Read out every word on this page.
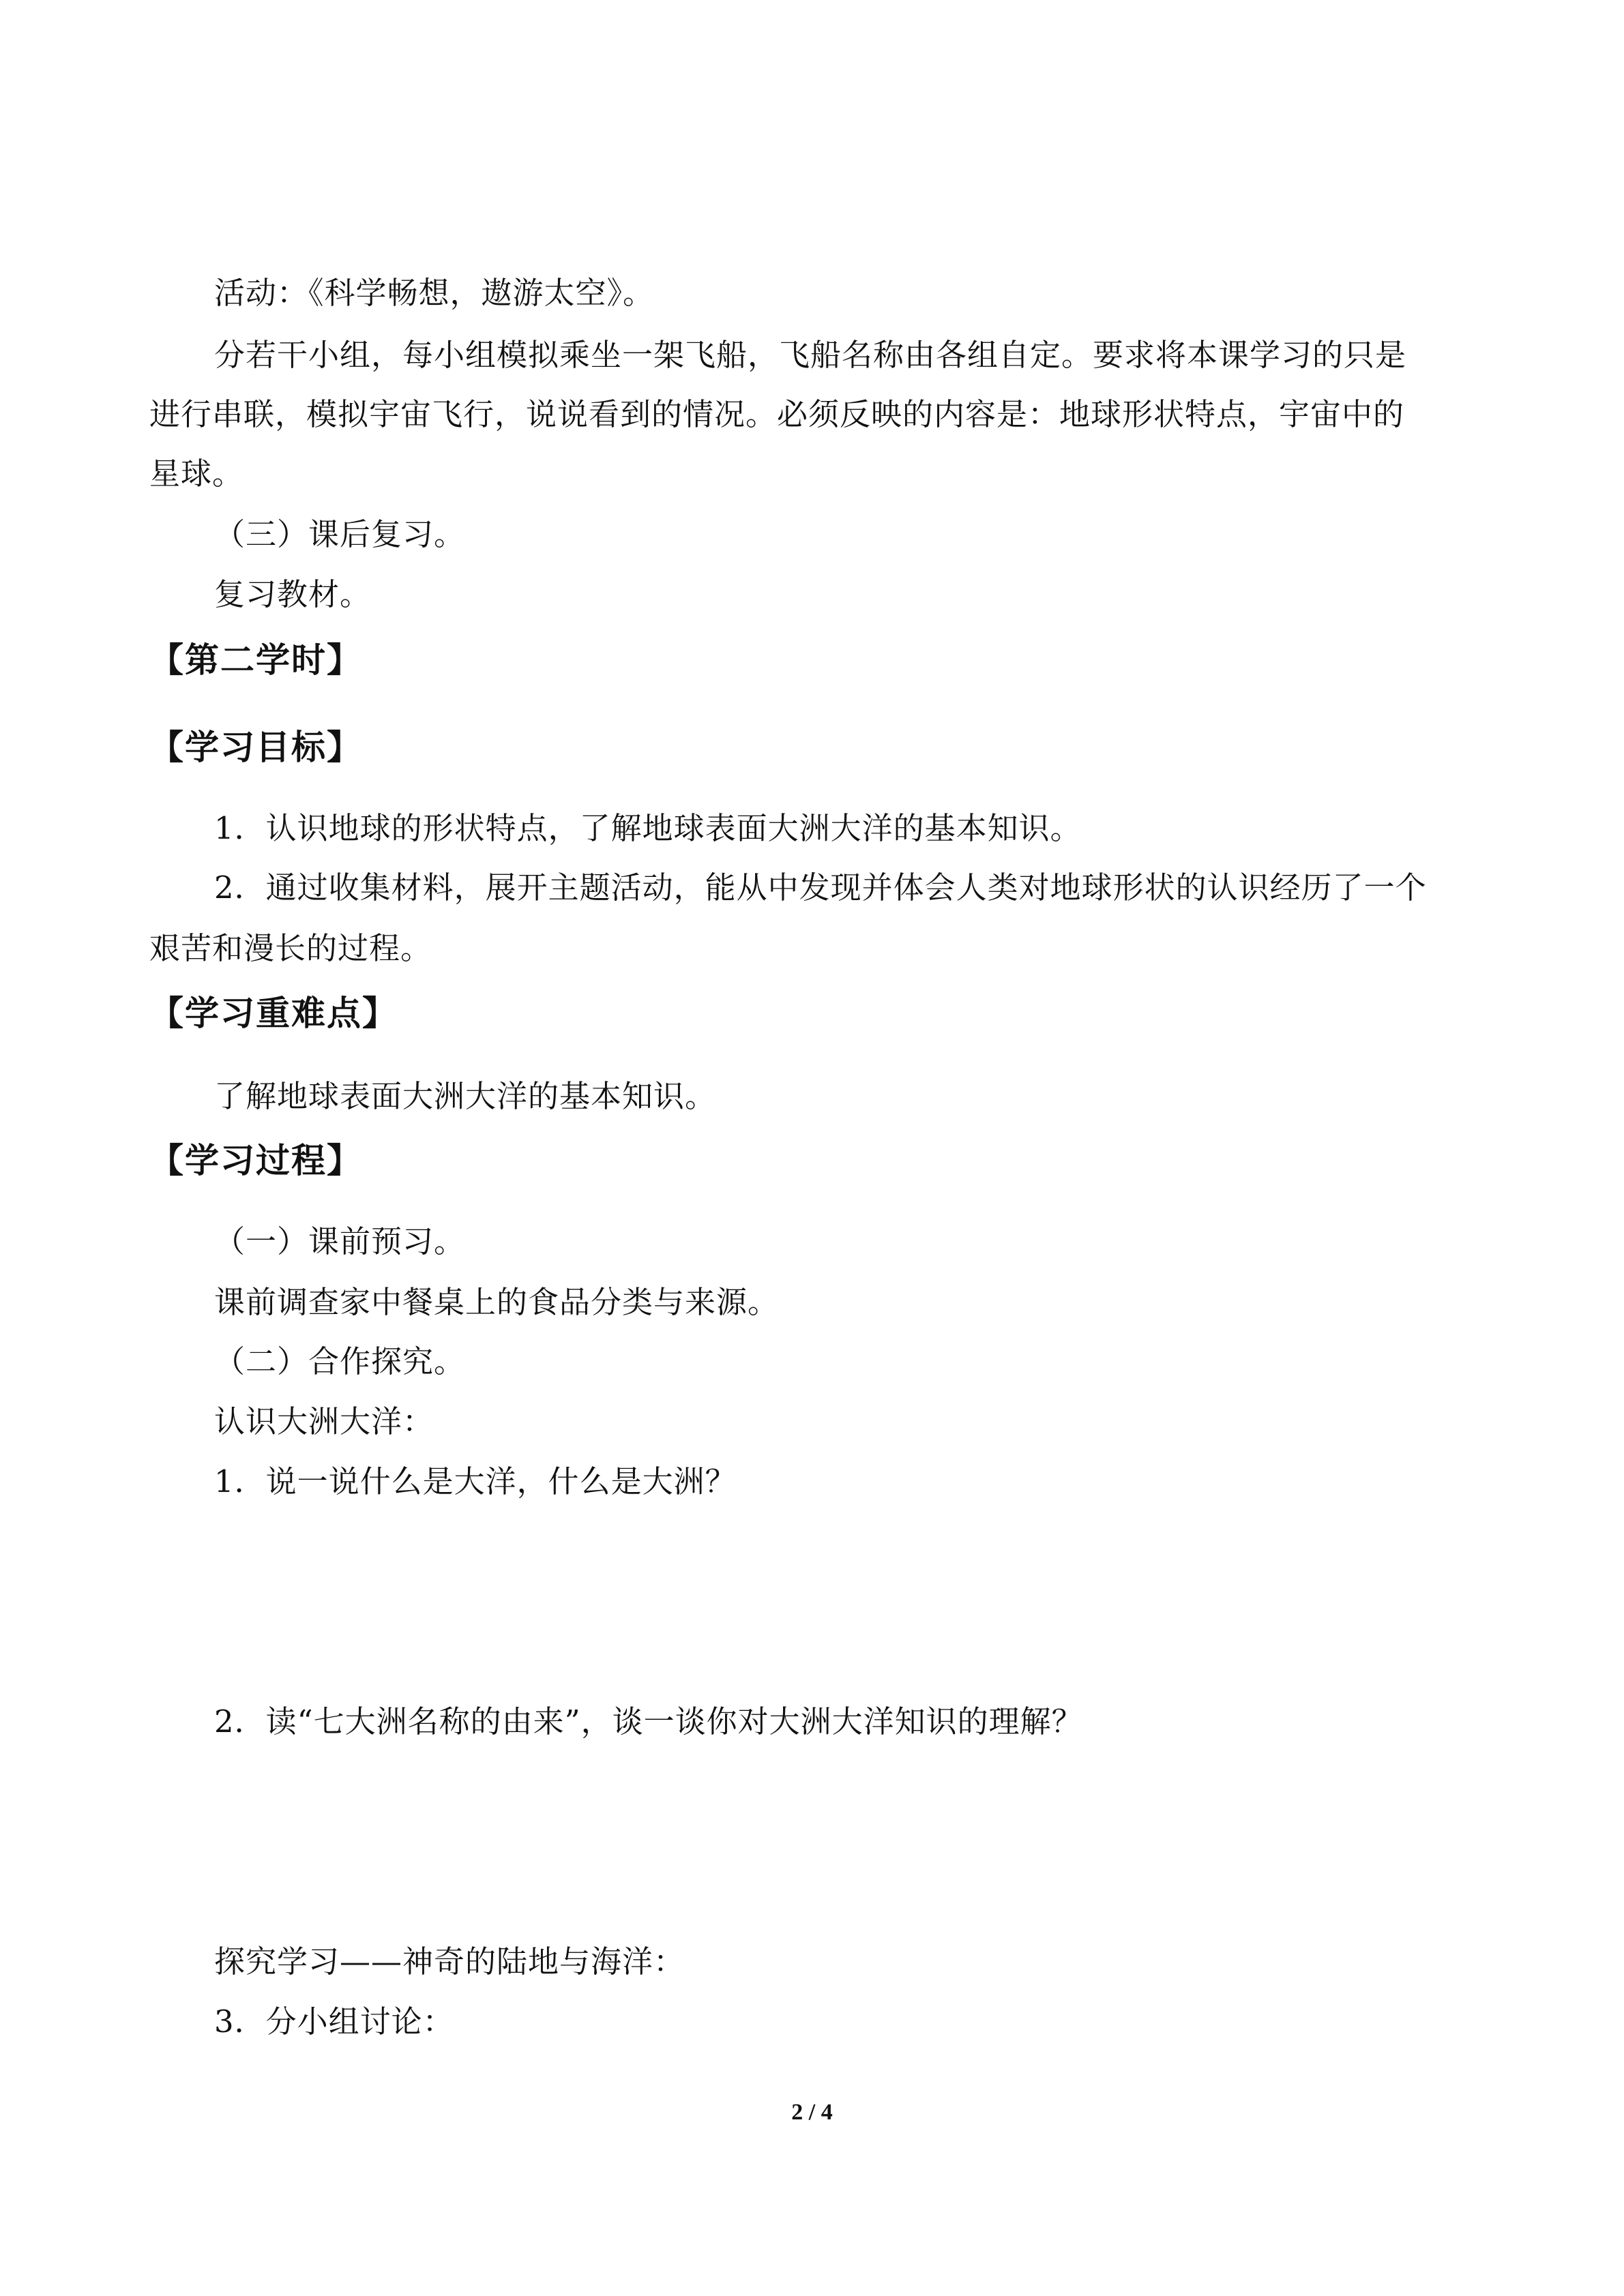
活动：《科学畅想，遨游太空》。
分若干小组，每小组模拟乘坐一架飞船，飞船名称由各组自定。要求将本课学习的只是
进行串联，模拟宇宙飞行，说说看到的情况。必须反映的内容是：地球形状特点，宇宙中的
星球。
（三）课后复习。
复习教材。
【第二学时】
【学习目标】
1．认识地球的形状特点，了解地球表面大洲大洋的基本知识。
2．通过收集材料，展开主题活动，能从中发现并体会人类对地球形状的认识经历了一个
艰苦和漫长的过程。
【学习重难点】
了解地球表面大洲大洋的基本知识。
【学习过程】
（一）课前预习。
课前调查家中餐桌上的食品分类与来源。
（二）合作探究。
认识大洲大洋：
1．说一说什么是大洋，什么是大洲？
2．读“七大洲名称的由来”，谈一谈你对大洲大洋知识的理解？
探究学习——神奇的陆地与海洋：
3．分小组讨论：
2 / 4
